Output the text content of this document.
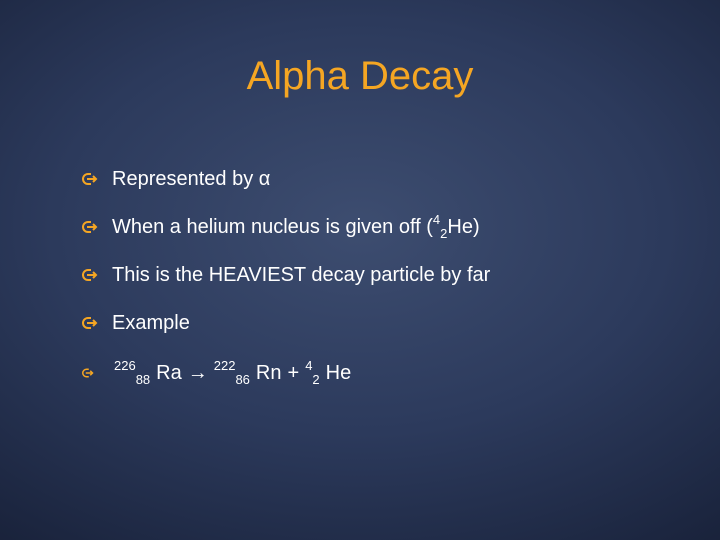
Alpha Decay
Represented by α
When a helium nucleus is given off ( 4
2 He )
This is the HEAVIEST decay particle by far
Example
226
88 Ra → 222
86 Rn + 4
2 He
